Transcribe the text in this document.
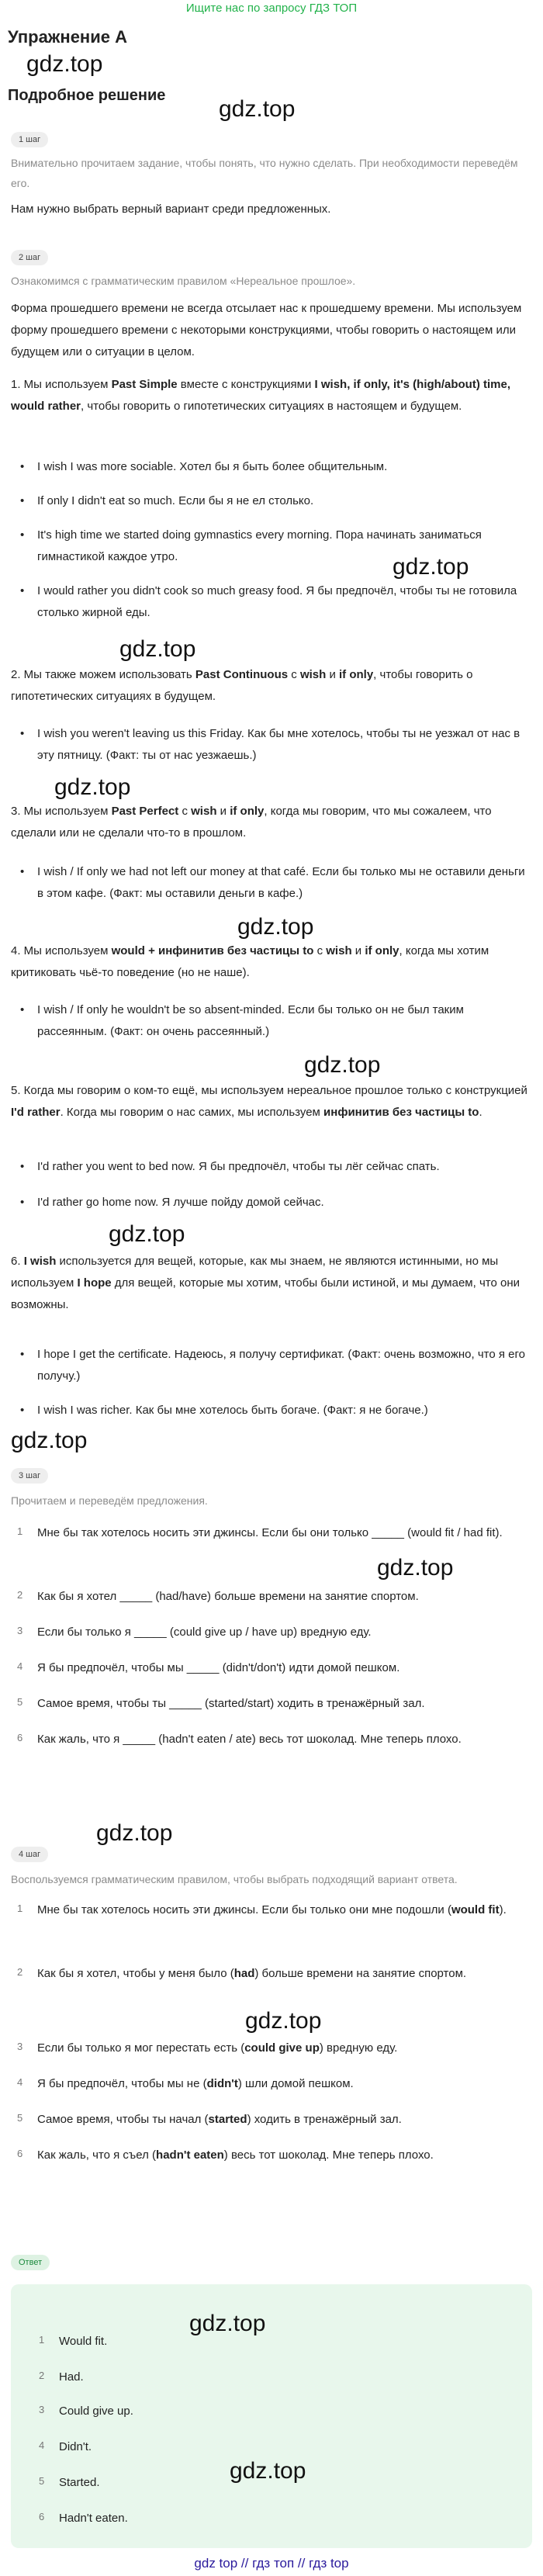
Ищите нас по запросу ГДЗ ТОП
Упражнение A
gdz.top
Подробное решение
gdz.top
1 шаг
Внимательно прочитаем задание, чтобы понять, что нужно сделать. При необходимости переведём его.
Нам нужно выбрать верный вариант среди предложенных.
2 шаг
Ознакомимся с грамматическим правилом «Нереальное прошлое».
Форма прошедшего времени не всегда отсылает нас к прошедшему времени. Мы используем форму прошедшего времени с некоторыми конструкциями, чтобы говорить о настоящем или будущем или о ситуации в целом.
1. Мы используем Past Simple вместе с конструкциями I wish, if only, it's (high/about) time, would rather, чтобы говорить о гипотетических ситуациях в настоящем и будущем.
• I wish I was more sociable. Хотел бы я быть более общительным.
• If only I didn't eat so much. Если бы я не ел столько.
• It's high time we started doing gymnastics every morning. Пора начинать заниматься гимнастикой каждое утро.	gdz.top
• I would rather you didn't cook so much greasy food. Я бы предпочёл, чтобы ты не готовила столько жирной еды.
gdz.top
2. Мы также можем использовать Past Continuous с wish и if only, чтобы говорить о гипотетических ситуациях в будущем.
• I wish you weren't leaving us this Friday. Как бы мне хотелось, чтобы ты не уезжал от нас в эту пятницу. (Факт: ты от нас уезжаешь.)
gdz.top
3. Мы используем Past Perfect с wish и if only, когда мы говорим, что мы сожалеем, что сделали или не сделали что-то в прошлом.
• I wish / If only we had not left our money at that café. Если бы только мы не оставили деньги в этом кафе. (Факт: мы оставили деньги в кафе.)
gdz.top
4. Мы используем would + инфинитив без частицы to с wish и if only, когда мы хотим критиковать чьё-то поведение (но не наше).
• I wish / If only he wouldn't be so absent-minded. Если бы только он не был таким рассеянным. (Факт: он очень рассеянный.)
gdz.top
5. Когда мы говорим о ком-то ещё, мы используем нереальное прошлое только с конструкцией I'd rather. Когда мы говорим о нас самих, мы используем инфинитив без частицы to.
• I'd rather you went to bed now. Я бы предпочёл, чтобы ты лёг сейчас спать.
• I'd rather go home now. Я лучше пойду домой сейчас.
gdz.top
6. I wish используется для вещей, которые, как мы знаем, не являются истинными, но мы используем I hope для вещей, которые мы хотим, чтобы были истиной, и мы думаем, что они возможны.
• I hope I get the certificate. Надеюсь, я получу сертификат. (Факт: очень возможно, что я его получу.)
• I wish I was richer. Как бы мне хотелось быть богаче. (Факт: я не богаче.)
gdz.top
3 шаг
Прочитаем и переведём предложения.
1	Мне бы так хотелось носить эти джинсы. Если бы они только _____ (would fit / had fit).
gdz.top
2	Как бы я хотел _____ (had/have) больше времени на занятие спортом.
3	Если бы только я _____ (could give up / have up) вредную еду.
4	Я бы предпочёл, чтобы мы _____ (didn't/don't) идти домой пешком.
5	Самое время, чтобы ты _____ (started/start) ходить в тренажёрный зал.
6	Как жаль, что я _____ (hadn't eaten / ate) весь тот шоколад. Мне теперь плохо.
gdz.top
4 шаг
Воспользуемся грамматическим правилом, чтобы выбрать подходящий вариант ответа.
1	Мне бы так хотелось носить эти джинсы. Если бы только они мне подошли (would fit).
2	Как бы я хотел, чтобы у меня было (had) больше времени на занятие спортом.
gdz.top
3	Если бы только я мог перестать есть (could give up) вредную еду.
4	Я бы предпочёл, чтобы мы не (didn't) шли домой пешком.
5	Самое время, чтобы ты начал (started) ходить в тренажёрный зал.
6	Как жаль, что я съел (hadn't eaten) весь тот шоколад. Мне теперь плохо.
Ответ
gdz.top
1	Would fit.
2	Had.
3	Could give up.
4	Didn't.
gdz.top
5	Started.
6	Hadn't eaten.
gdz top // гдз топ // гдз top
